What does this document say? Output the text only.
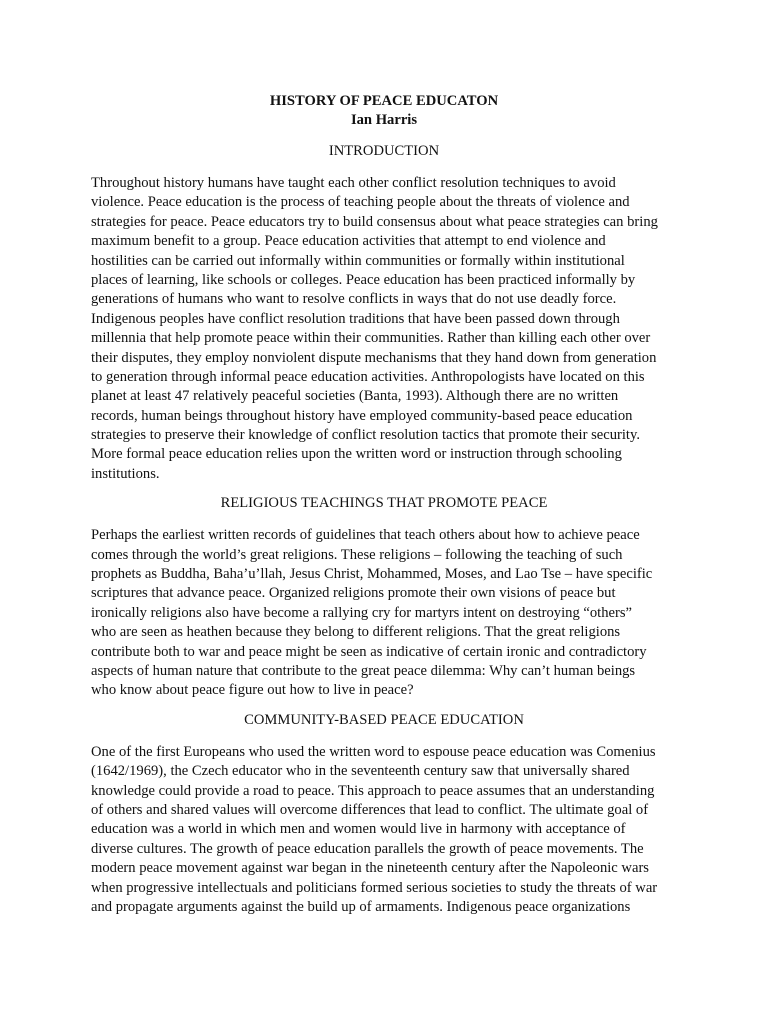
HISTORY OF PEACE EDUCATON
Ian Harris
INTRODUCTION
Throughout history humans have taught each other conflict resolution techniques to avoid
violence. Peace education is the process of teaching people about the threats of violence and
strategies for peace. Peace educators try to build consensus about what peace strategies can bring
maximum benefit to a group. Peace education activities that attempt to end violence and
hostilities can be carried out informally within communities or formally within institutional
places of learning, like schools or colleges. Peace education has been practiced informally by
generations of humans who want to resolve conflicts in ways that do not use deadly force.
Indigenous peoples have conflict resolution traditions that have been passed down through
millennia that help promote peace within their communities. Rather than killing each other over
their disputes, they employ nonviolent dispute mechanisms that they hand down from generation
to generation through informal peace education activities. Anthropologists have located on this
planet at least 47 relatively peaceful societies (Banta, 1993). Although there are no written
records, human beings throughout history have employed community-based peace education
strategies to preserve their knowledge of conflict resolution tactics that promote their security.
More formal peace education relies upon the written word or instruction through schooling
institutions.
RELIGIOUS TEACHINGS THAT PROMOTE PEACE
Perhaps the earliest written records of guidelines that teach others about how to achieve peace
comes through the world’s great religions. These religions – following the teaching of such
prophets as Buddha, Baha’u’llah, Jesus Christ, Mohammed, Moses, and Lao Tse – have specific
scriptures that advance peace. Organized religions promote their own visions of peace but
ironically religions also have become a rallying cry for martyrs intent on destroying “others”
who are seen as heathen because they belong to different religions. That the great religions
contribute both to war and peace might be seen as indicative of certain ironic and contradictory
aspects of human nature that contribute to the great peace dilemma: Why can’t human beings
who know about peace figure out how to live in peace?
COMMUNITY-BASED PEACE EDUCATION
One of the first Europeans who used the written word to espouse peace education was Comenius
(1642/1969), the Czech educator who in the seventeenth century saw that universally shared
knowledge could provide a road to peace. This approach to peace assumes that an understanding
of others and shared values will overcome differences that lead to conflict. The ultimate goal of
education was a world in which men and women would live in harmony with acceptance of
diverse cultures. The growth of peace education parallels the growth of peace movements. The
modern peace movement against war began in the nineteenth century after the Napoleonic wars
when progressive intellectuals and politicians formed serious societies to study the threats of war
and propagate arguments against the build up of armaments. Indigenous peace organizations
